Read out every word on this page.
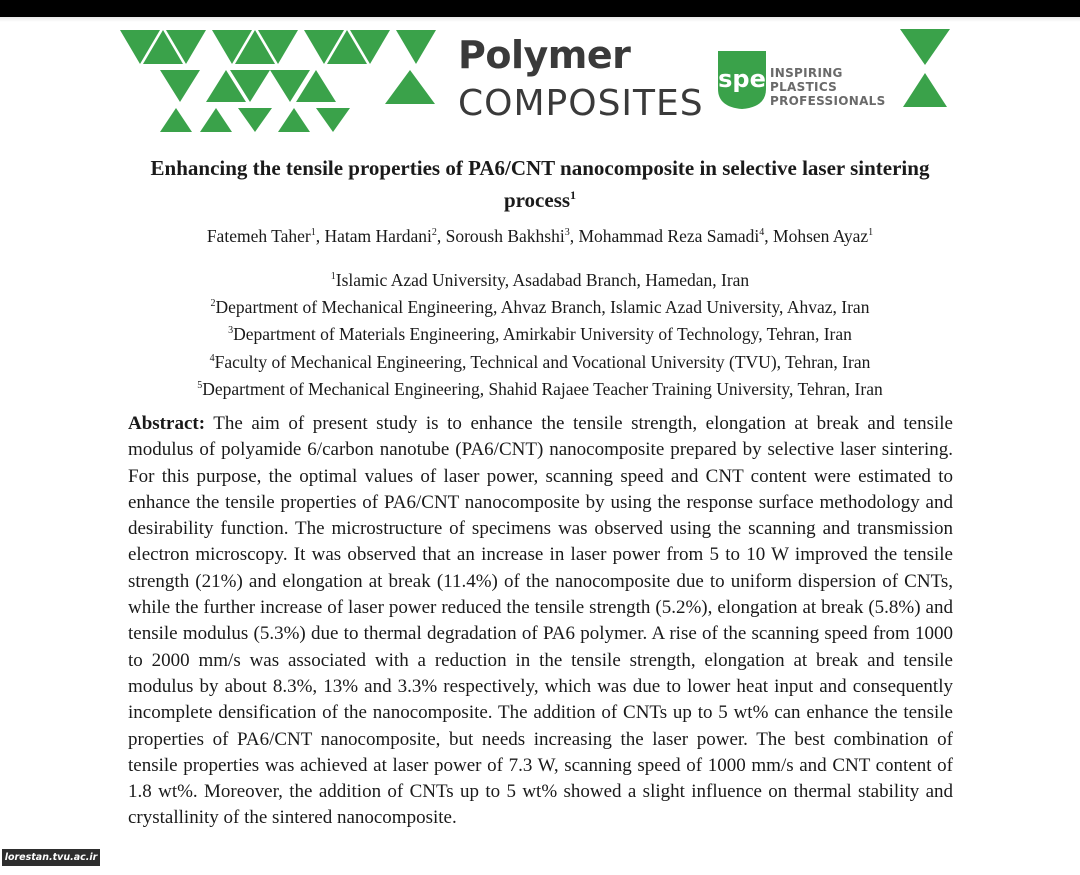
Polymer
COMPOSITES
spe INSPIRING
PLASTICS
PROFESSIONALS
Enhancing the tensile properties of PA6/CNT nanocomposite in selective laser sintering process$^1$
Fatemeh Taher$^1$, Hatam Hardani$^2$, Soroush Bakhshi$^3$, Mohammad Reza Samadi$^4$, Mohsen Ayaz$^1$
$^1$Islamic Azad University, Asadabad Branch, Hamedan, Iran
$^2$Department of Mechanical Engineering, Ahvaz Branch, Islamic Azad University, Ahvaz, Iran
$^3$Department of Materials Engineering, Amirkabir University of Technology, Tehran, Iran
$^4$Faculty of Mechanical Engineering, Technical and Vocational University (TVU), Tehran, Iran
$^5$Department of Mechanical Engineering, Shahid Rajaee Teacher Training University, Tehran, Iran
Abstract: The aim of present study is to enhance the tensile strength, elongation at break and tensile modulus of polyamide 6/carbon nanotube (PA6/CNT) nanocomposite prepared by selective laser sintering. For this purpose, the optimal values of laser power, scanning speed and CNT content were estimated to enhance the tensile properties of PA6/CNT nanocomposite by using the response surface methodology and desirability function. The microstructure of specimens was observed using the scanning and transmission electron microscopy. It was observed that an increase in laser power from 5 to 10 W improved the tensile strength (21%) and elongation at break (11.4%) of the nanocomposite due to uniform dispersion of CNTs, while the further increase of laser power reduced the tensile strength (5.2%), elongation at break (5.8%) and tensile modulus (5.3%) due to thermal degradation of PA6 polymer. A rise of the scanning speed from 1000 to 2000 mm/s was associated with a reduction in the tensile strength, elongation at break and tensile modulus by about 8.3%, 13% and 3.3% respectively, which was due to lower heat input and consequently incomplete densification of the nanocomposite. The addition of CNTs up to 5 wt% can enhance the tensile properties of PA6/CNT nanocomposite, but needs increasing the laser power. The best combination of tensile properties was achieved at laser power of 7.3 W, scanning speed of 1000 mm/s and CNT content of 1.8 wt%. Moreover, the addition of CNTs up to 5 wt% showed a slight influence on thermal stability and crystallinity of the sintered nanocomposite.
lorestan.tvu.ac.ir
